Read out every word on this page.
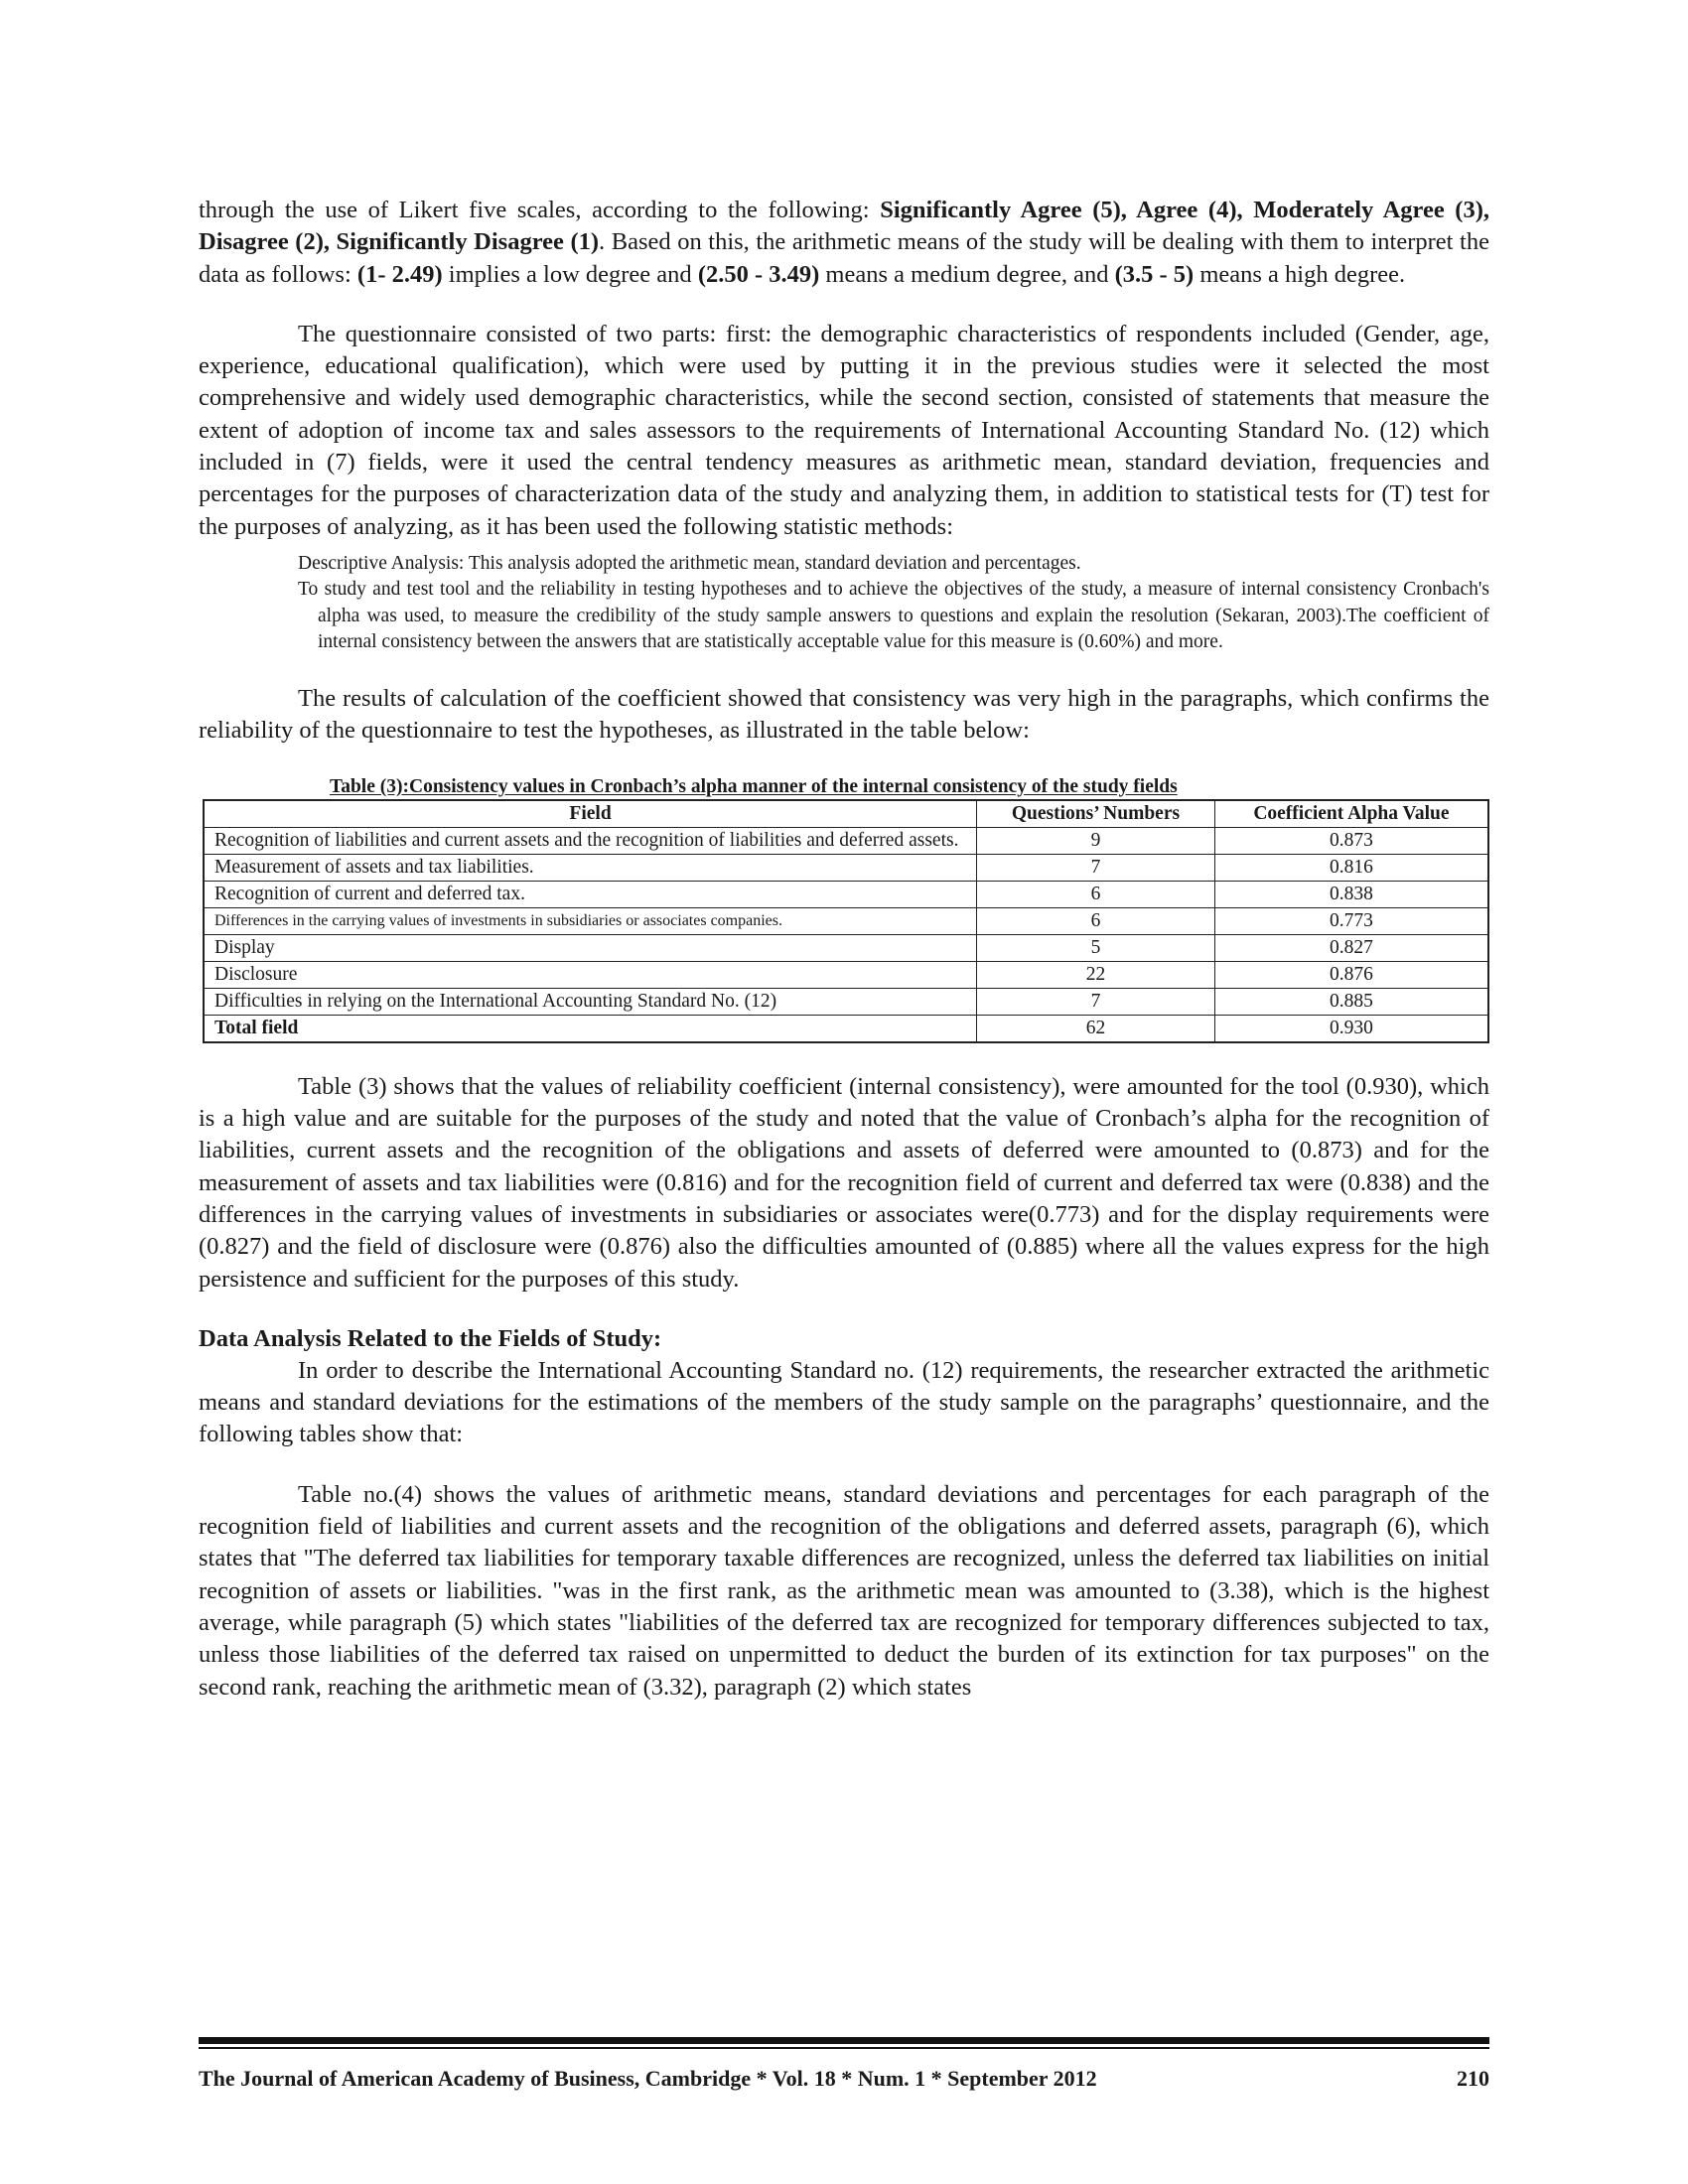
through the use of Likert five scales, according to the following: Significantly Agree (5), Agree (4), Moderately Agree (3), Disagree (2), Significantly Disagree (1). Based on this, the arithmetic means of the study will be dealing with them to interpret the data as follows: (1- 2.49) implies a low degree and (2.50 - 3.49) means a medium degree, and (3.5 - 5) means a high degree.

The questionnaire consisted of two parts: first: the demographic characteristics of respondents included (Gender, age, experience, educational qualification), which were used by putting it in the previous studies were it selected the most comprehensive and widely used demographic characteristics, while the second section, consisted of statements that measure the extent of adoption of income tax and sales assessors to the requirements of International Accounting Standard No. (12) which included in (7) fields, were it used the central tendency measures as arithmetic mean, standard deviation, frequencies and percentages for the purposes of characterization data of the study and analyzing them, in addition to statistical tests for (T) test for the purposes of analyzing, as it has been used the following statistic methods:

Descriptive Analysis: This analysis adopted the arithmetic mean, standard deviation and percentages.

To study and test tool and the reliability in testing hypotheses and to achieve the objectives of the study, a measure of internal consistency Cronbach's alpha was used, to measure the credibility of the study sample answers to questions and explain the resolution (Sekaran, 2003).The coefficient of internal consistency between the answers that are statistically acceptable value for this measure is (0.60%) and more.

The results of calculation of the coefficient showed that consistency was very high in the paragraphs, which confirms the reliability of the questionnaire to test the hypotheses, as illustrated in the table below:

Table (3):Consistency values in Cronbach’s alpha manner of the internal consistency of the study fields
Field	Questions’ Numbers	Coefficient Alpha Value
Recognition of liabilities and current assets and the recognition of liabilities and deferred assets.	9	0.873
Measurement of assets and tax liabilities.	7	0.816
Recognition of current and deferred tax.	6	0.838
Differences in the carrying values of investments in subsidiaries or associates companies.	6	0.773
Display	5	0.827
Disclosure	22	0.876
Difficulties in relying on the International Accounting Standard No. (12)	7	0.885
Total field	62	0.930

Table (3) shows that the values of reliability coefficient (internal consistency), were amounted for the tool (0.930), which is a high value and are suitable for the purposes of the study and noted that the value of Cronbach’s alpha for the recognition of liabilities, current assets and the recognition of the obligations and assets of deferred were amounted to (0.873) and for the measurement of assets and tax liabilities were (0.816) and for the recognition field of current and deferred tax were (0.838) and the differences in the carrying values of investments in subsidiaries or associates were(0.773) and for the display requirements were (0.827) and the field of disclosure were (0.876) also the difficulties amounted of (0.885) where all the values express for the high persistence and sufficient for the purposes of this study.

Data Analysis Related to the Fields of Study:

In order to describe the International Accounting Standard no. (12) requirements, the researcher extracted the arithmetic means and standard deviations for the estimations of the members of the study sample on the paragraphs’ questionnaire, and the following tables show that:

Table no.(4) shows the values of arithmetic means, standard deviations and percentages for each paragraph of the recognition field of liabilities and current assets and the recognition of the obligations and deferred assets, paragraph (6), which states that "The deferred tax liabilities for temporary taxable differences are recognized, unless the deferred tax liabilities on initial recognition of assets or liabilities. "was in the first rank, as the arithmetic mean was amounted to (3.38), which is the highest average, while paragraph (5) which states "liabilities of the deferred tax are recognized for temporary differences subjected to tax, unless those liabilities of the deferred tax raised on unpermitted to deduct the burden of its extinction for tax purposes" on the second rank, reaching the arithmetic mean of (3.32), paragraph (2) which states

The Journal of American Academy of Business, Cambridge * Vol. 18 * Num. 1 * September 2012	210
